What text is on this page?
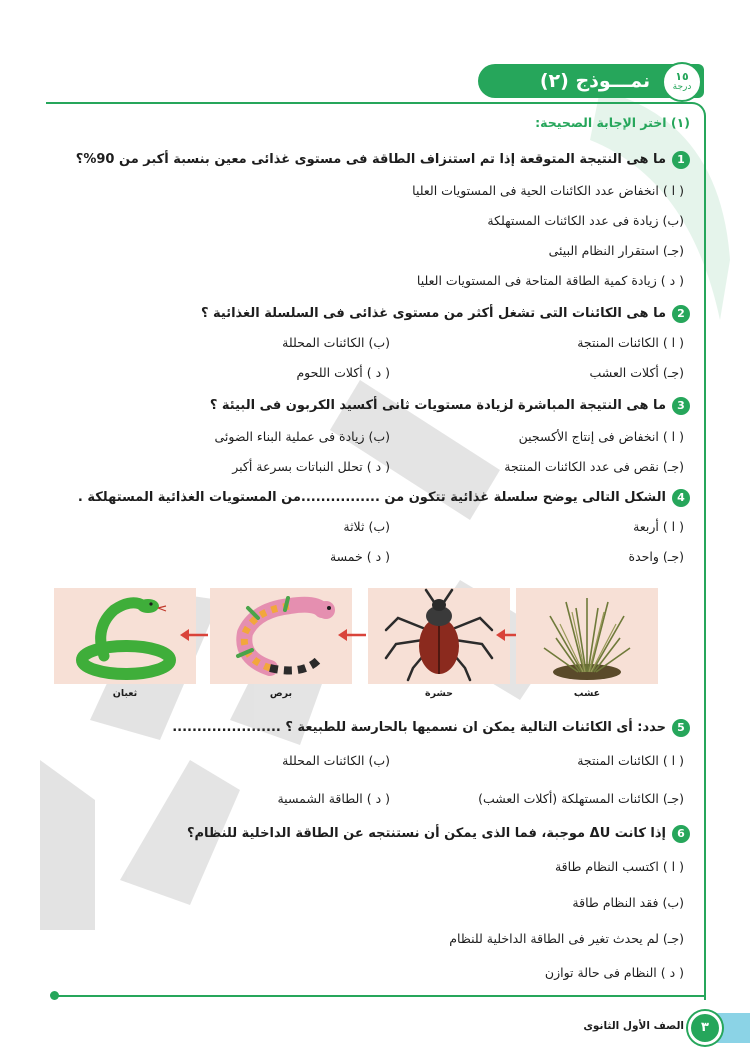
نمـــوذج (٢)	١٥
درجة
(١) اختر الإجابة الصحيحة:
1ما هى النتيجة المتوقعة إذا تم استنزاف الطاقة فى مستوى غذائى معين بنسبة أكبر من 90%؟
( ا ) انخفاض عدد الكائنات الحية فى المستويات العليا
(ب) زيادة فى عدد الكائنات المستهلكة
(جـ) استقرار النظام البيئى
( د ) زيادة كمية الطاقة المتاحة فى المستويات العليا
2ما هى الكائنات التى تشغل أكثر من مستوى غذائى فى السلسلة الغذائية ؟
( ا ) الكائنات المنتجة
(ب) الكائنات المحللة
(جـ) أكلات العشب
( د ) أكلات اللحوم
3ما هى النتيجة المباشرة لزيادة مستويات ثانى أكسيد الكربون فى البيئة ؟
( ا ) انخفاض فى إنتاج الأكسجين
(ب) زيادة فى عملية البناء الضوئى
(جـ) نقص فى عدد الكائنات المنتجة
( د ) تحلل النباتات بسرعة أكبر
4الشكل التالى يوضح سلسلة غذائية تتكون من ................من المستويات الغذائية المستهلكة .
( ا ) أربعة
(ب) ثلاثة
(جـ) واحدة
( د ) خمسة
ثعبان	برص	حشرة	عشب
5حدد: أى الكائنات التالية يمكن ان نسميها بالحارسة للطبيعة ؟ ......................
( ا ) الكائنات المنتجة
(ب) الكائنات المحللة
(جـ) الكائنات المستهلكة (أكلات العشب)
( د ) الطاقة الشمسية
6إذا كانت ΔU موجبة، فما الذى يمكن أن نستنتجه عن الطاقة الداخلية للنظام؟
( ا ) اكتسب النظام طاقة
(ب) فقد النظام طاقة
(جـ) لم يحدث تغير فى الطاقة الداخلية للنظام
( د ) النظام فى حالة توازن
٣
الصف الأول الثانوى
